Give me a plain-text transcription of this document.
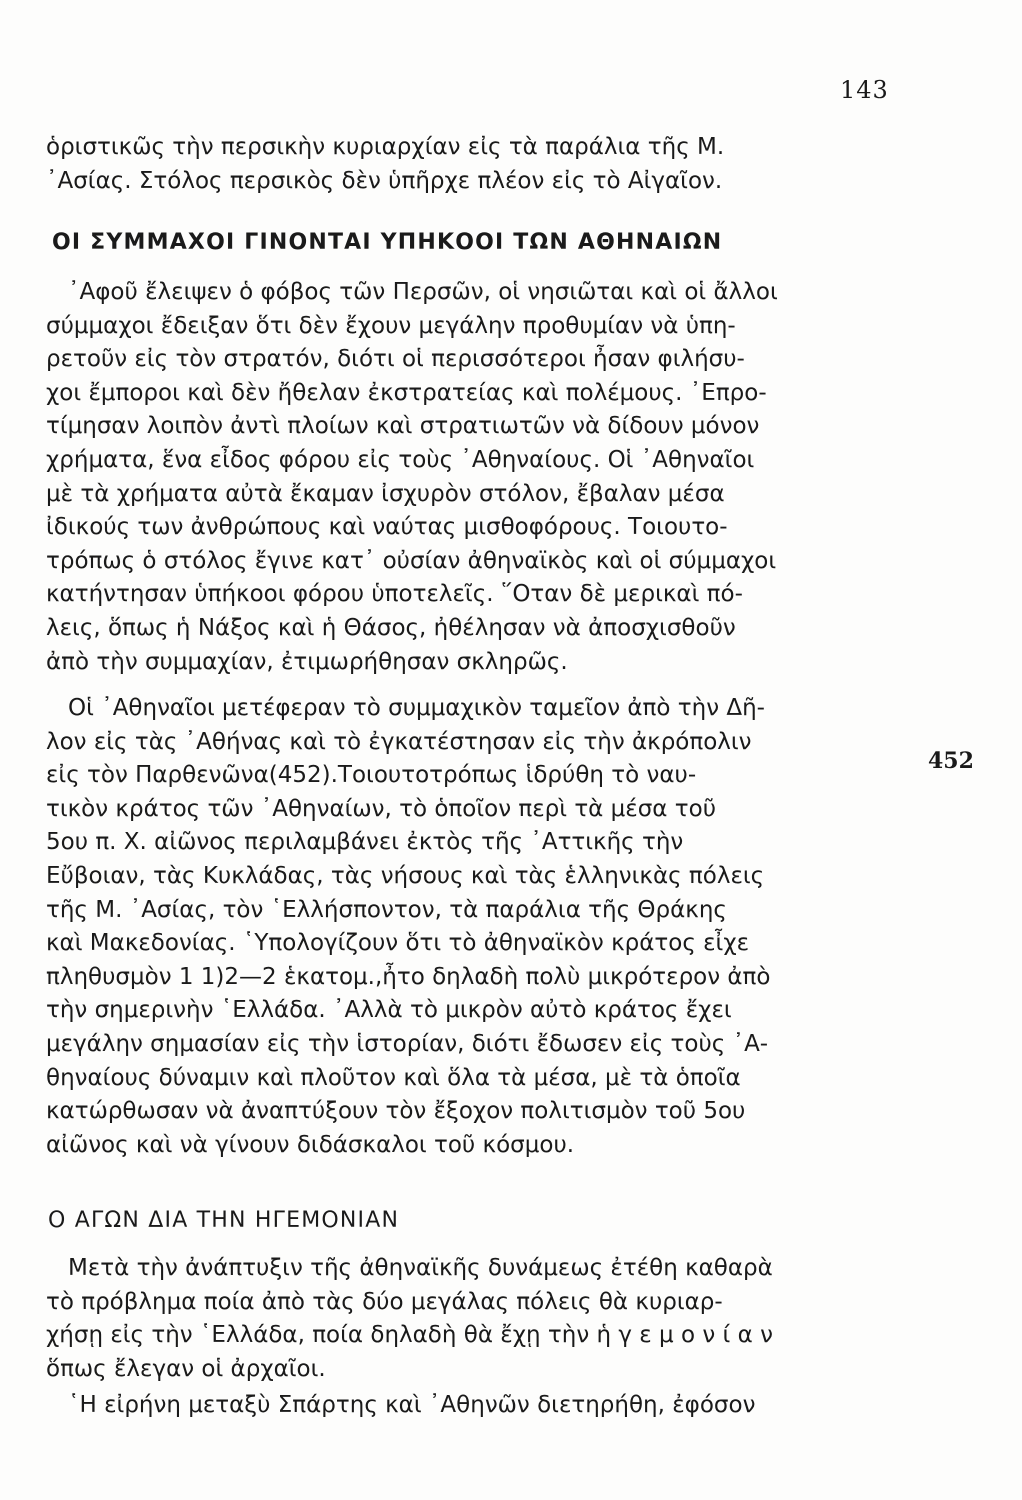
143
ὁριστικῶς τὴν περσικὴν κυριαρχίαν εἰς τὰ παράλια τῆς Μ.
᾿Ασίας. Στόλος περσικὸς δὲν ὑπῆρχε πλέον εἰς τὸ Αἰγαῖον.
ΟΙ ΣΥΜΜΑΧΟΙ ΓΙΝΟΝΤΑΙ ΥΠΗΚΟΟΙ ΤΩΝ ΑΘΗΝΑΙΩΝ
᾿Αφοῦ ἔλειψεν ὁ φόβος τῶν Περσῶν, οἱ νησιῶται καὶ οἱ ἄλλοι
σύμμαχοι ἔδειξαν ὅτι δὲν ἔχουν μεγάλην προθυμίαν νὰ ὑπη-
ρετοῦν εἰς τὸν στρατόν, διότι οἱ περισσότεροι ἦσαν φιλήσυ-
χοι ἔμποροι καὶ δὲν ἤθελαν ἐκστρατείας καὶ πολέμους. ᾿Επρο-
τίμησαν λοιπὸν ἀντὶ πλοίων καὶ στρατιωτῶν νὰ δίδουν μόνον
χρήματα, ἕνα εἶδος φόρου εἰς τοὺς ᾿Αθηναίους. Οἱ ᾿Αθηναῖοι
μὲ τὰ χρήματα αὐτὰ ἔκαμαν ἰσχυρὸν στόλον, ἔβαλαν μέσα
ἰδικούς των ἀνθρώπους καὶ ναύτας μισθοφόρους. Τοιουτο-
τρόπως ὁ στόλος ἔγινε κατ᾿ οὐσίαν ἀθηναϊκὸς καὶ οἱ σύμμαχοι
κατήντησαν ὑπήκοοι φόρου ὑποτελεῖς. ῞Οταν δὲ μερικαὶ πό-
λεις, ὅπως ἡ Νάξος καὶ ἡ Θάσος, ἠθέλησαν νὰ ἀποσχισθοῦν
ἀπὸ τὴν συμμαχίαν, ἐτιμωρήθησαν σκληρῶς.
Οἱ ᾿Αθηναῖοι μετέφεραν τὸ συμμαχικὸν ταμεῖον ἀπὸ τὴν Δῆ-
λον εἰς τὰς ᾿Αθήνας καὶ τὸ ἐγκατέστησαν εἰς τὴν ἀκρόπολιν
εἰς τὸν Παρθενῶνα(452).Τοιουτοτρόπως ἱδρύθη τὸ ναυ-
τικὸν κράτος τῶν ᾿Αθηναίων, τὸ ὁποῖον περὶ τὰ μέσα τοῦ
5ου π. Χ. αἰῶνος περιλαμβάνει ἐκτὸς τῆς ᾿Αττικῆς τὴν
Εὔβοιαν, τὰς Κυκλάδας, τὰς νήσους καὶ τὰς ἑλληνικὰς πόλεις
τῆς Μ. ᾿Ασίας, τὸν ῾Ελλήσποντον, τὰ παράλια τῆς Θράκης
καὶ Μακεδονίας. ῾Υπολογίζουν ὅτι τὸ ἀθηναϊκὸν κράτος εἶχε
πληθυσμὸν 1 1)2—2 ἑκατομ.,ἦτο δηλαδὴ πολὺ μικρότερον ἀπὸ
τὴν σημερινὴν ῾Ελλάδα. ᾿Αλλὰ τὸ μικρὸν αὐτὸ κράτος ἔχει
μεγάλην σημασίαν εἰς τὴν ἱστορίαν, διότι ἔδωσεν εἰς τοὺς ᾿Α-
θηναίους δύναμιν καὶ πλοῦτον καὶ ὅλα τὰ μέσα, μὲ τὰ ὁποῖα
κατώρθωσαν νὰ ἀναπτύξουν τὸν ἔξοχον πολιτισμὸν τοῦ 5ου
αἰῶνος καὶ νὰ γίνουν διδάσκαλοι τοῦ κόσμου.
452
Ο ΑΓΩΝ ΔΙΑ ΤΗΝ ΗΓΕΜΟΝΙΑΝ
Μετὰ τὴν ἀνάπτυξιν τῆς ἀθηναϊκῆς δυνάμεως ἐτέθη καθαρὰ
τὸ πρόβλημα ποία ἀπὸ τὰς δύο μεγάλας πόλεις θὰ κυριαρ-
χήσῃ εἰς τὴν ῾Ελλάδα, ποία δηλαδὴ θὰ ἔχῃ τὴν ἡ γ ε μ ο ν ί α ν
ὅπως ἔλεγαν οἱ ἀρχαῖοι.
῾Η εἰρήνη μεταξὺ Σπάρτης καὶ ᾿Αθηνῶν διετηρήθη, ἐφόσον
